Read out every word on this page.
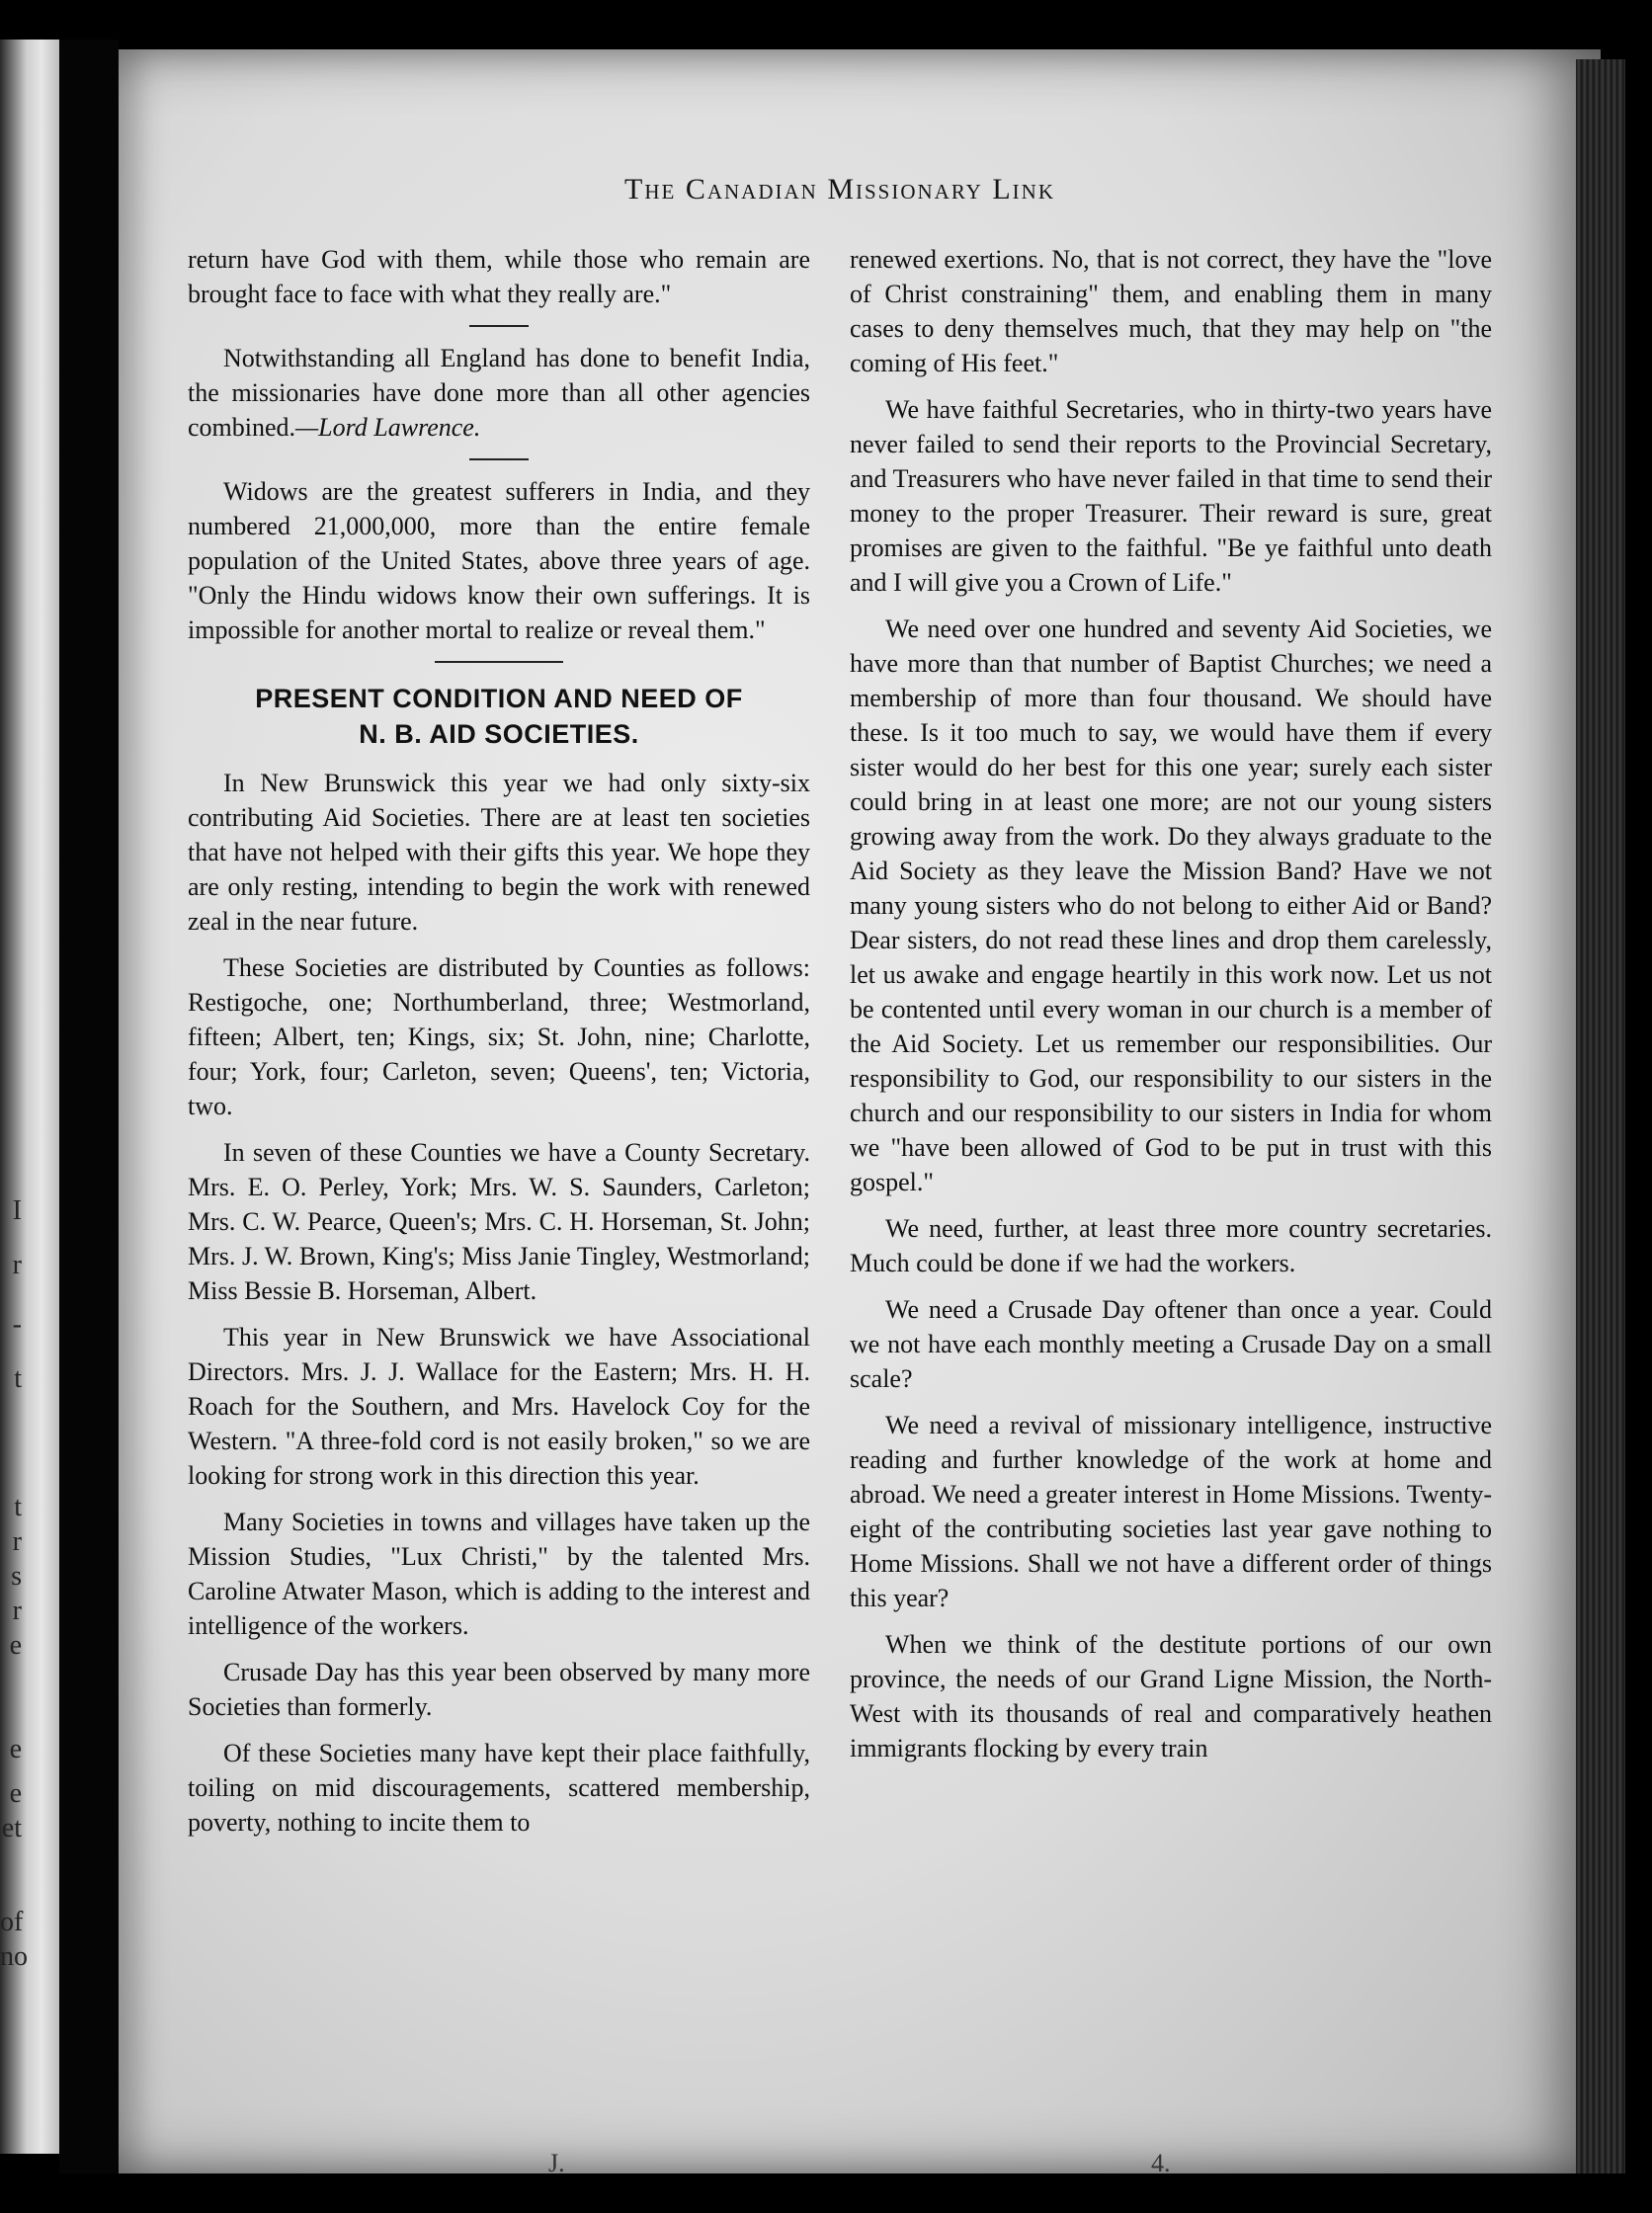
I
r
-
t
t
r
s
r
e
e
e
et
of
no
The Canadian Missionary Link

return have God with them, while those who remain are brought face to face with what they really are."

Notwithstanding all England has done to benefit India, the missionaries have done more than all other agencies combined.—Lord Lawrence.

Widows are the greatest sufferers in India, and they numbered 21,000,000, more than the entire female population of the United States, above three years of age. "Only the Hindu widows know their own sufferings. It is impossible for another mortal to realize or reveal them."

PRESENT CONDITION AND NEED OF
N. B. AID SOCIETIES.

In New Brunswick this year we had only sixty-six contributing Aid Societies. There are at least ten societies that have not helped with their gifts this year. We hope they are only resting, intending to begin the work with renewed zeal in the near future.

These Societies are distributed by Counties as follows: Restigoche, one; Northumberland, three; Westmorland, fifteen; Albert, ten; Kings, six; St. John, nine; Charlotte, four; York, four; Carleton, seven; Queens', ten; Victoria, two.

In seven of these Counties we have a County Secretary. Mrs. E. O. Perley, York; Mrs. W. S. Saunders, Carleton; Mrs. C. W. Pearce, Queen's; Mrs. C. H. Horseman, St. John; Mrs. J. W. Brown, King's; Miss Janie Tingley, Westmorland; Miss Bessie B. Horseman, Albert.

This year in New Brunswick we have Associational Directors. Mrs. J. J. Wallace for the Eastern; Mrs. H. H. Roach for the Southern, and Mrs. Havelock Coy for the Western. "A three-fold cord is not easily broken," so we are looking for strong work in this direction this year.

Many Societies in towns and villages have taken up the Mission Studies, "Lux Christi," by the talented Mrs. Caroline Atwater Mason, which is adding to the interest and intelligence of the workers.

Crusade Day has this year been observed by many more Societies than formerly.

Of these Societies many have kept their place faithfully, toiling on mid discouragements, scattered membership, poverty, nothing to incite them to

renewed exertions. No, that is not correct, they have the "love of Christ constraining" them, and enabling them in many cases to deny themselves much, that they may help on "the coming of His feet."

We have faithful Secretaries, who in thirty-two years have never failed to send their reports to the Provincial Secretary, and Treasurers who have never failed in that time to send their money to the proper Treasurer. Their reward is sure, great promises are given to the faithful. "Be ye faithful unto death and I will give you a Crown of Life."

We need over one hundred and seventy Aid Societies, we have more than that number of Baptist Churches; we need a membership of more than four thousand. We should have these. Is it too much to say, we would have them if every sister would do her best for this one year; surely each sister could bring in at least one more; are not our young sisters growing away from the work. Do they always graduate to the Aid Society as they leave the Mission Band? Have we not many young sisters who do not belong to either Aid or Band? Dear sisters, do not read these lines and drop them carelessly, let us awake and engage heartily in this work now. Let us not be contented until every woman in our church is a member of the Aid Society. Let us remember our responsibilities. Our responsibility to God, our responsibility to our sisters in the church and our responsibility to our sisters in India for whom we "have been allowed of God to be put in trust with this gospel."

We need, further, at least three more country secretaries. Much could be done if we had the workers.

We need a Crusade Day oftener than once a year. Could we not have each monthly meeting a Crusade Day on a small scale?

We need a revival of missionary intelligence, instructive reading and further knowledge of the work at home and abroad. We need a greater interest in Home Missions. Twenty-eight of the contributing societies last year gave nothing to Home Missions. Shall we not have a different order of things this year?

When we think of the destitute portions of our own province, the needs of our Grand Ligne Mission, the North-West with its thousands of real and comparatively heathen immigrants flocking by every train

J.	4.
